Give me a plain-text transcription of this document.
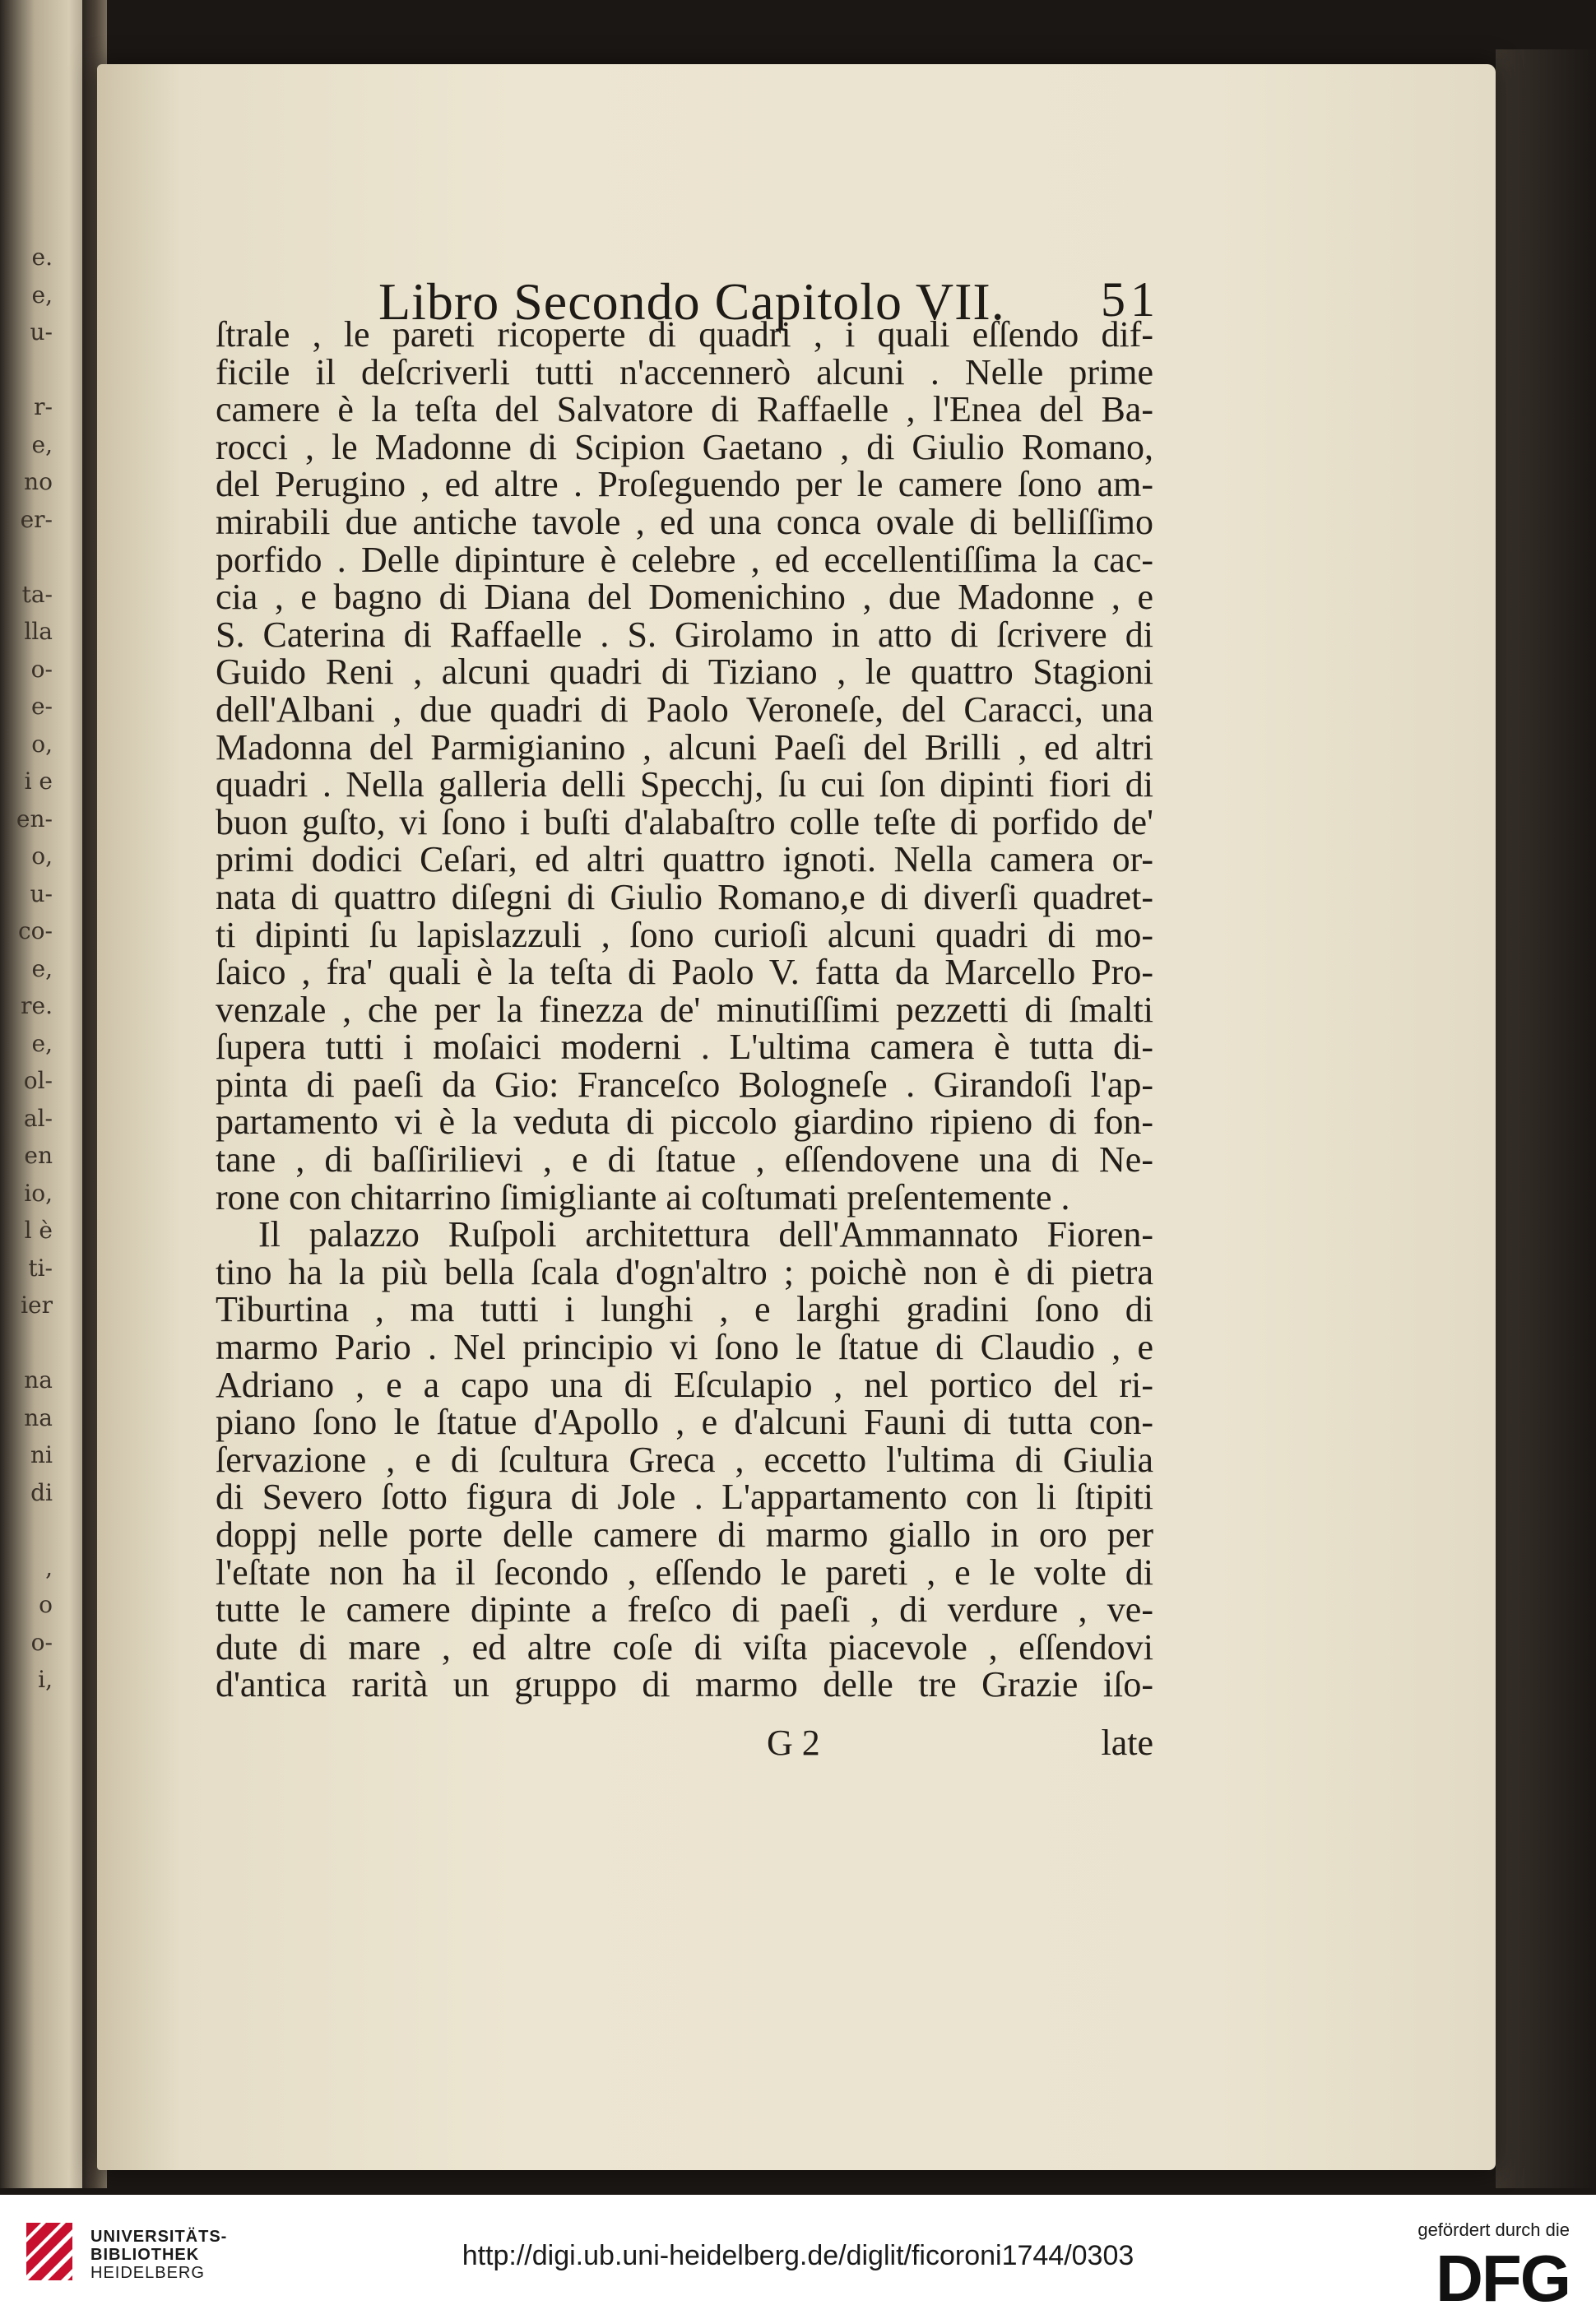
e.
e,
u-

r-
e,
no
er-

ta-
lla
o-
e-
o,
i e
en-
o,
u-
co-
e,
re.
e,
ol-
al-
en
io,
l è
ti-
ier

na
na
ni
di

,
o
o-
i,
Libro Secondo Capitolo VII. 51
ſtrale , le pareti ricoperte di quadri , i quali eſſendo dif-
ficile il deſcriverli tutti n'accennerò alcuni . Nelle prime
camere è la teſta del Salvatore di Raffaelle , l'Enea del Ba-
rocci , le Madonne di Scipion Gaetano , di Giulio Romano,
del Perugino , ed altre . Proſeguendo per le camere ſono am-
mirabili due antiche tavole , ed una conca ovale di belliſſimo
porfido . Delle dipinture è celebre , ed eccellentiſſima la cac-
cia , e bagno di Diana del Domenichino , due Madonne , e
S. Caterina di Raffaelle . S. Girolamo in atto di ſcrivere di
Guido Reni , alcuni quadri di Tiziano , le quattro Stagioni
dell'Albani , due quadri di Paolo Veroneſe, del Caracci, una
Madonna del Parmigianino , alcuni Paeſi del Brilli , ed altri
quadri . Nella galleria delli Specchj, ſu cui ſon dipinti fiori di
buon guſto, vi ſono i buſti d'alabaſtro colle teſte di porfido de'
primi dodici Ceſari, ed altri quattro ignoti. Nella camera or-
nata di quattro diſegni di Giulio Romano,e di diverſi quadret-
ti dipinti ſu lapislazzuli , ſono curioſi alcuni quadri di mo-
ſaico , fra' quali è la teſta di Paolo V. fatta da Marcello Pro-
venzale , che per la finezza de' minutiſſimi pezzetti di ſmalti
ſupera tutti i moſaici moderni . L'ultima camera è tutta di-
pinta di paeſi da Gio: Franceſco Bologneſe . Girandoſi l'ap-
partamento vi è la veduta di piccolo giardino ripieno di fon-
tane , di baſſirilievi , e di ſtatue , eſſendovene una di Ne-
rone con chitarrino ſimigliante ai coſtumati preſentemente .
Il palazzo Ruſpoli architettura dell'Ammannato Fioren-
tino ha la più bella ſcala d'ogn'altro ; poichè non è di pietra
Tiburtina , ma tutti i lunghi , e larghi gradini ſono di
marmo Pario . Nel principio vi ſono le ſtatue di Claudio , e
Adriano , e a capo una di Eſculapio , nel portico del ri-
piano ſono le ſtatue d'Apollo , e d'alcuni Fauni di tutta con-
ſervazione , e di ſcultura Greca , eccetto l'ultima di Giulia
di Severo ſotto figura di Jole . L'appartamento con li ſtipiti
doppj nelle porte delle camere di marmo giallo in oro per
l'eſtate non ha il ſecondo , eſſendo le pareti , e le volte di
tutte le camere dipinte a freſco di paeſi , di verdure , ve-
dute di mare , ed altre coſe di viſta piacevole , eſſendovi
d'antica rarità un gruppo di marmo delle tre Grazie iſo-
G 2	late
UNIVERSITÄTS-
BIBLIOTHEK
HEIDELBERG
http://digi.ub.uni-heidelberg.de/diglit/ficoroni1744/0303
gefördert durch die
DFG
